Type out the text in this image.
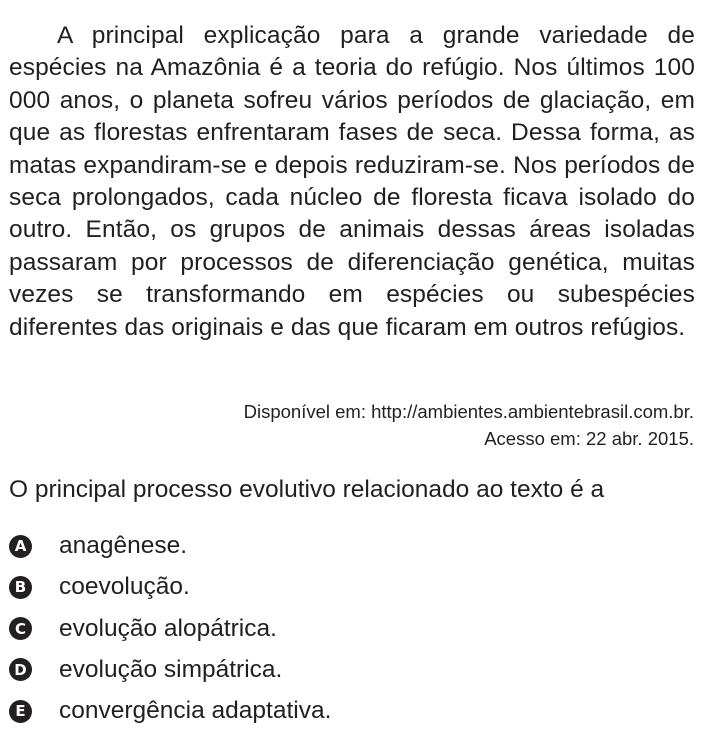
A principal explicação para a grande variedade de espécies na Amazônia é a teoria do refúgio. Nos últimos 100 000 anos, o planeta sofreu vários períodos de glaciação, em que as florestas enfrentaram fases de seca. Dessa forma, as matas expandiram-se e depois reduziram-se. Nos períodos de seca prolongados, cada núcleo de floresta ficava isolado do outro. Então, os grupos de animais dessas áreas isoladas passaram por processos de diferenciação genética, muitas vezes se transformando em espécies ou subespécies diferentes das originais e das que ficaram em outros refúgios.

Disponível em: http://ambientes.ambientebrasil.com.br.
Acesso em: 22 abr. 2015.

O principal processo evolutivo relacionado ao texto é a

A anagênese.
B coevolução.
C evolução alopátrica.
D evolução simpátrica.
E convergência adaptativa.
